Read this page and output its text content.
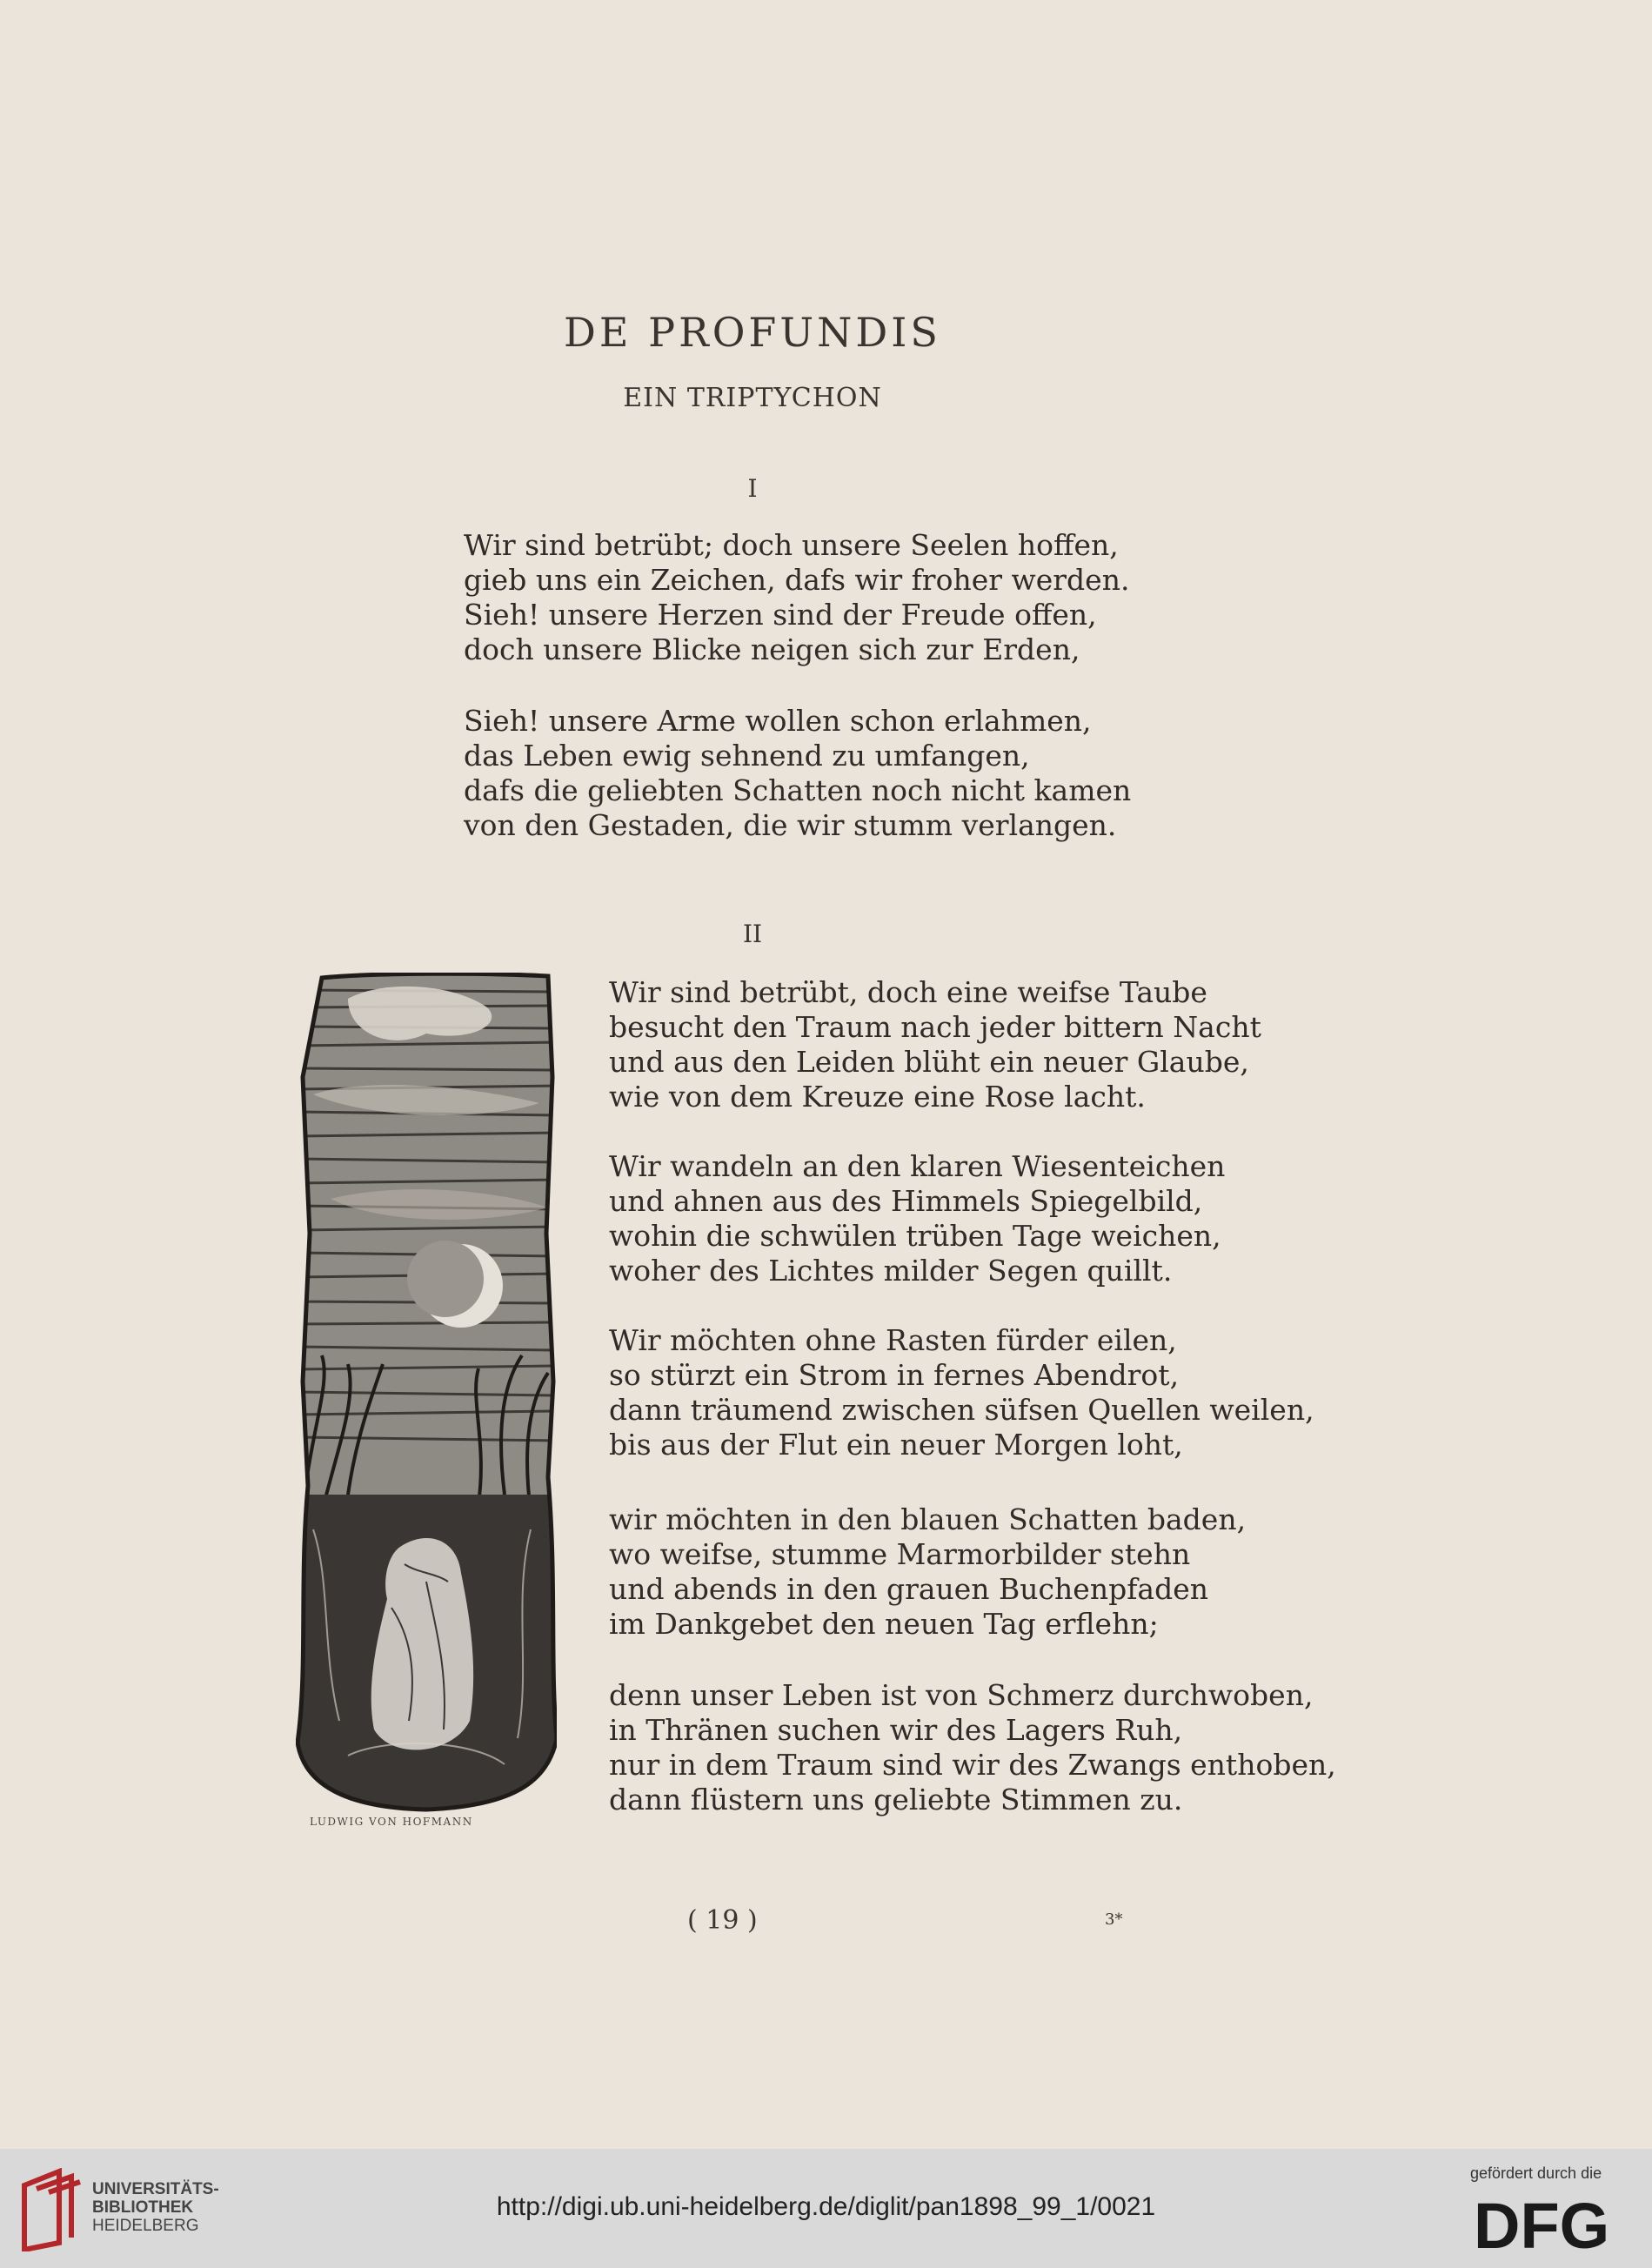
DE PROFUNDIS
EIN TRIPTYCHON
I
Wir sind betrübt; doch unsere Seelen hoffen,
gieb uns ein Zeichen, dafs wir froher werden.
Sieh! unsere Herzen sind der Freude offen,
doch unsere Blicke neigen sich zur Erden,
Sieh! unsere Arme wollen schon erlahmen,
das Leben ewig sehnend zu umfangen,
dafs die geliebten Schatten noch nicht kamen
von den Gestaden, die wir stumm verlangen.
II
Wir sind betrübt, doch eine weifse Taube
besucht den Traum nach jeder bittern Nacht
und aus den Leiden blüht ein neuer Glaube,
wie von dem Kreuze eine Rose lacht.
Wir wandeln an den klaren Wiesenteichen
und ahnen aus des Himmels Spiegelbild,
wohin die schwülen trüben Tage weichen,
woher des Lichtes milder Segen quillt.
Wir möchten ohne Rasten fürder eilen,
so stürzt ein Strom in fernes Abendrot,
dann träumend zwischen süfsen Quellen weilen,
bis aus der Flut ein neuer Morgen loht,
wir möchten in den blauen Schatten baden,
wo weifse, stumme Marmorbilder stehn
und abends in den grauen Buchenpfaden
im Dankgebet den neuen Tag erflehn;
denn unser Leben ist von Schmerz durchwoben,
in Thränen suchen wir des Lagers Ruh,
nur in dem Traum sind wir des Zwangs enthoben,
dann flüstern uns geliebte Stimmen zu.
LUDWIG VON HOFMANN
( 19 )	3*
UNIVERSITÄTS-
BIBLIOTHEK
HEIDELBERG
http://digi.ub.uni-heidelberg.de/diglit/pan1898_99_1/0021
gefördert durch die
DFG
